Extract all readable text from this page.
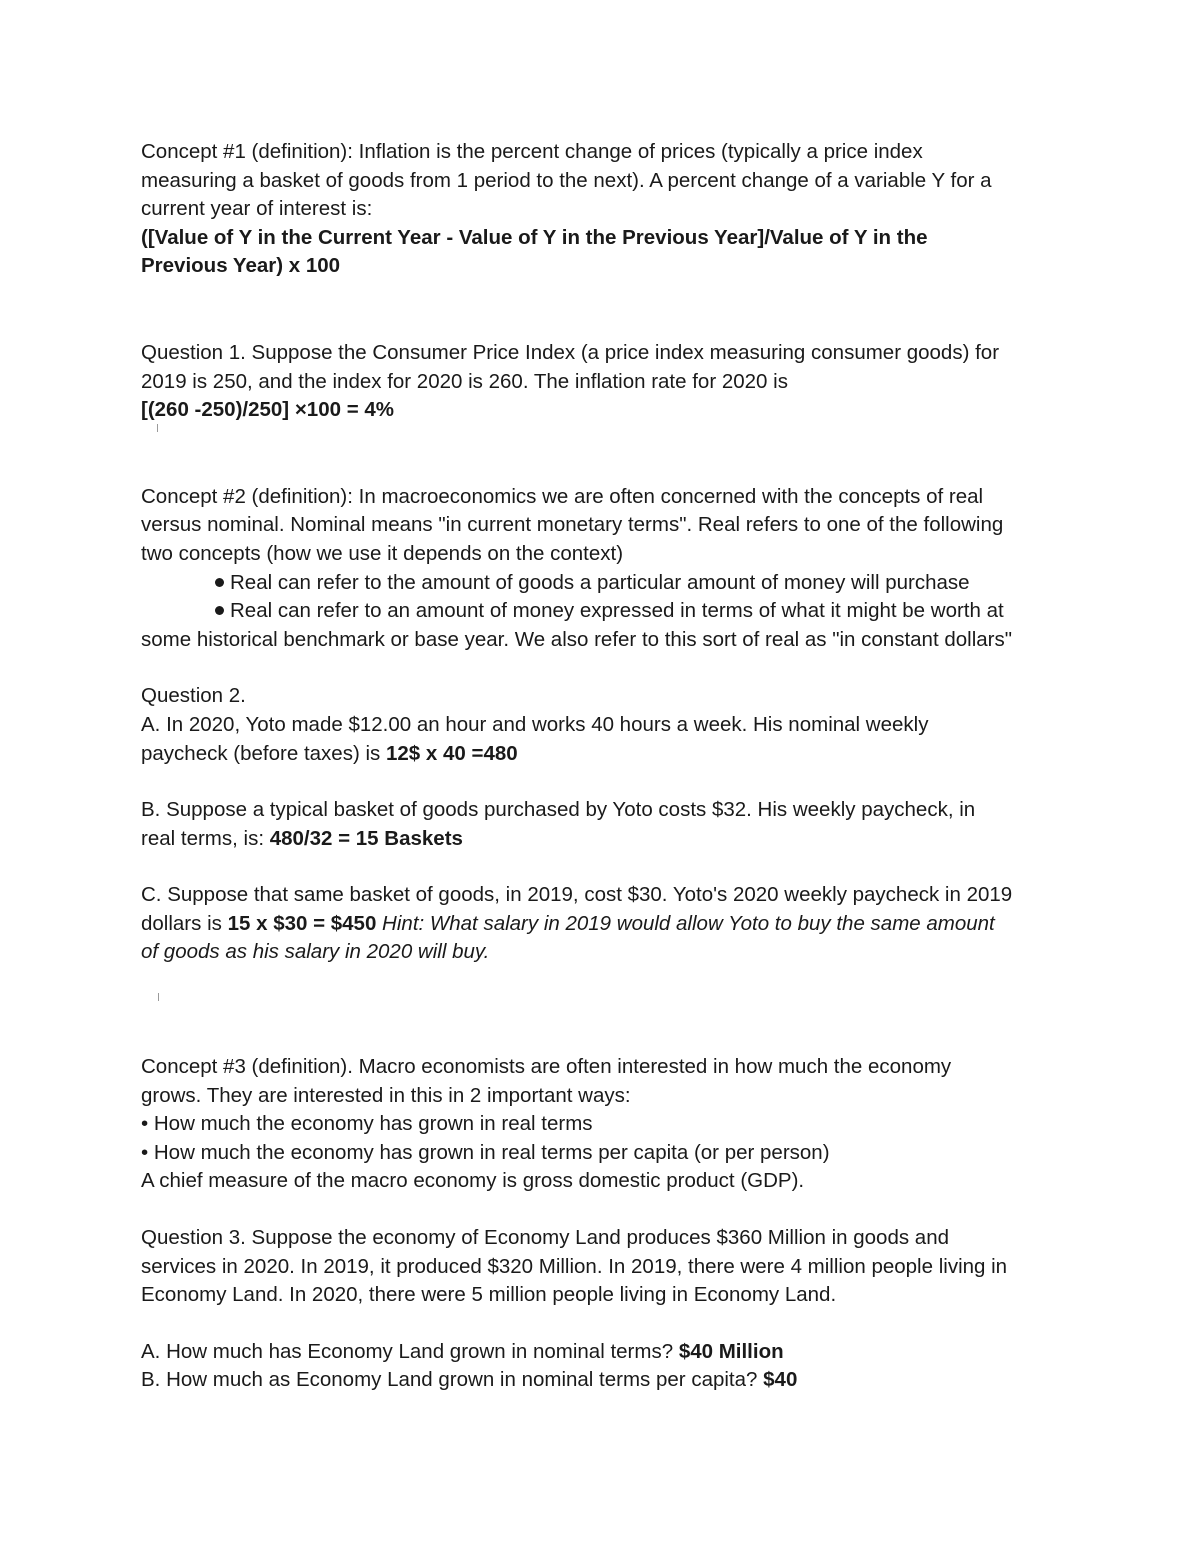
Concept #1 (definition): Inflation is the percent change of prices (typically a price index
measuring a basket of goods from 1 period to the next). A percent change of a variable Y for a
current year of interest is:
([Value of Y in the Current Year - Value of Y in the Previous Year]/Value of Y in the
Previous Year) x 100
Question 1. Suppose the Consumer Price Index (a price index measuring consumer goods) for
2019 is 250, and the index for 2020 is 260. The inflation rate for 2020 is
[(260 -250)/250] ×100 = 4%
Concept #2 (definition): In macroeconomics we are often concerned with the concepts of real
versus nominal. Nominal means "in current monetary terms". Real refers to one of the following
two concepts (how we use it depends on the context)
Real can refer to the amount of goods a particular amount of money will purchase
Real can refer to an amount of money expressed in terms of what it might be worth at
some historical benchmark or base year. We also refer to this sort of real as "in constant dollars"
Question 2.
A. In 2020, Yoto made $12.00 an hour and works 40 hours a week. His nominal weekly
paycheck (before taxes) is 12$ x 40 =480
B. Suppose a typical basket of goods purchased by Yoto costs $32. His weekly paycheck, in
real terms, is: 480/32 = 15 Baskets
C. Suppose that same basket of goods, in 2019, cost $30. Yoto's 2020 weekly paycheck in 2019
dollars is 15 x $30 = $450 Hint: What salary in 2019 would allow Yoto to buy the same amount
of goods as his salary in 2020 will buy.
Concept #3 (definition). Macro economists are often interested in how much the economy
grows. They are interested in this in 2 important ways:
• How much the economy has grown in real terms
• How much the economy has grown in real terms per capita (or per person)
A chief measure of the macro economy is gross domestic product (GDP).
Question 3. Suppose the economy of Economy Land produces $360 Million in goods and
services in 2020. In 2019, it produced $320 Million. In 2019, there were 4 million people living in
Economy Land. In 2020, there were 5 million people living in Economy Land.
A. How much has Economy Land grown in nominal terms? $40 Million
B. How much as Economy Land grown in nominal terms per capita? $40
